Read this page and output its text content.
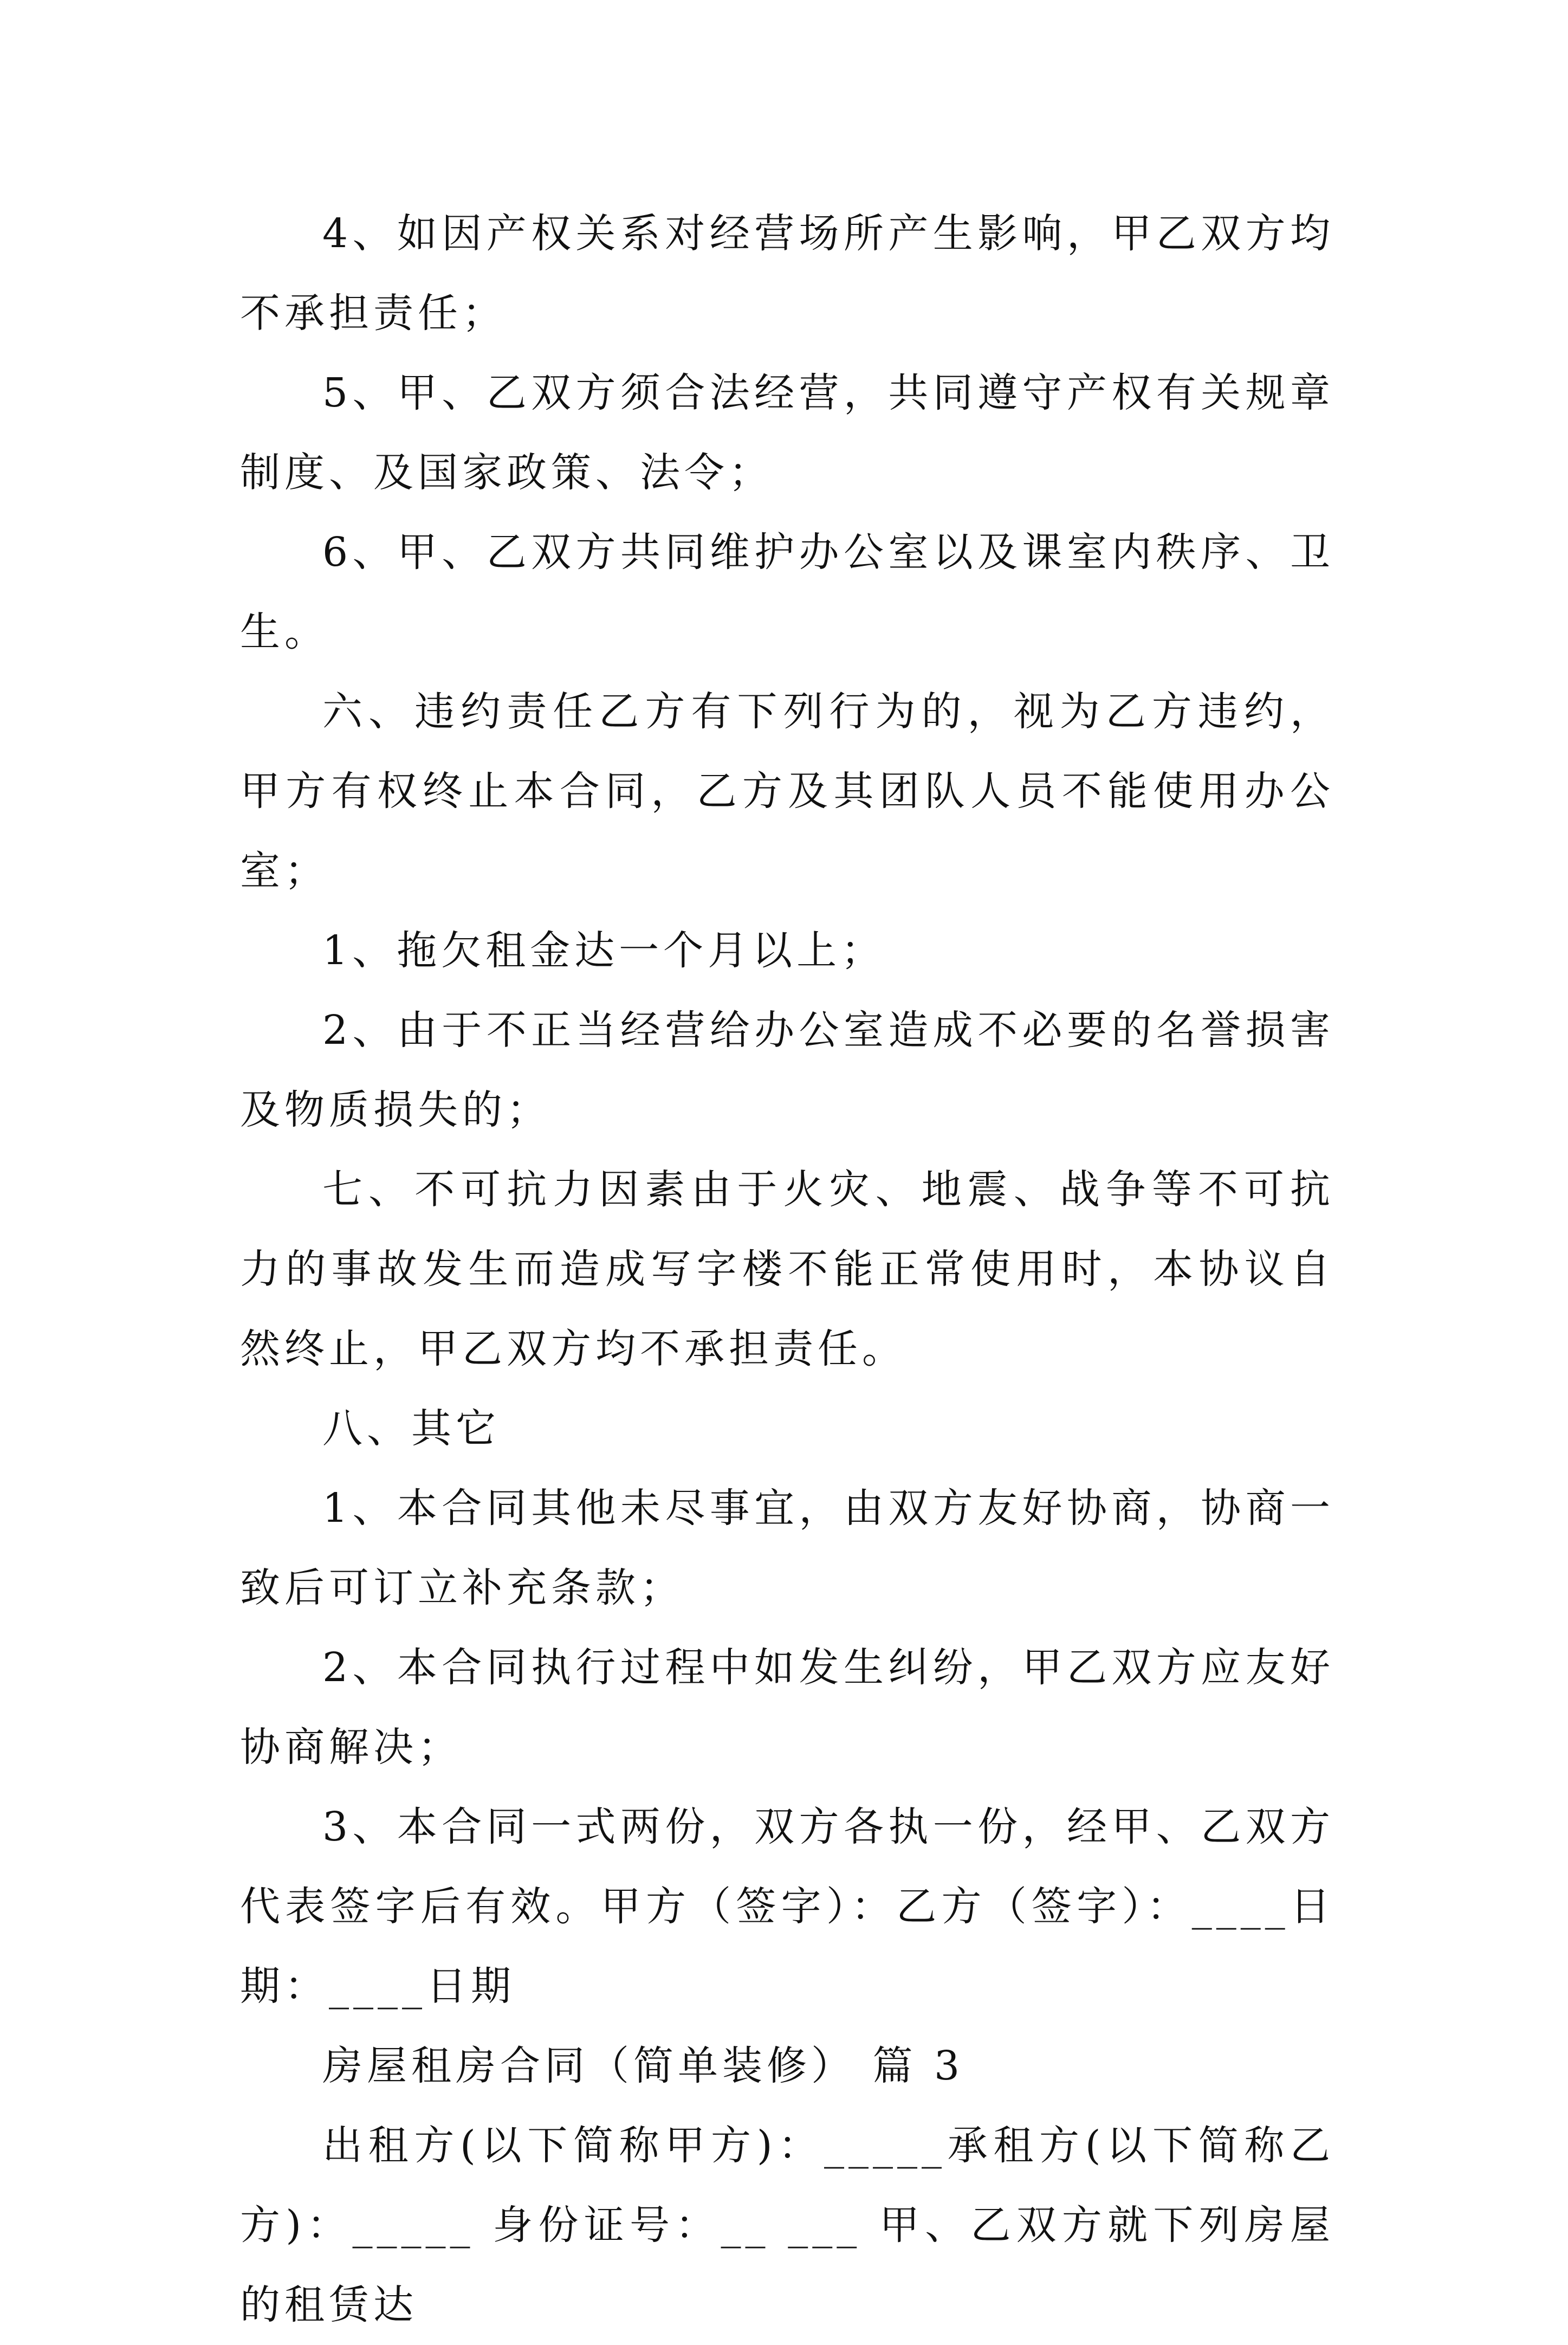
4、如因产权关系对经营场所产生影响，甲乙双方均不承担责任；

5、甲、乙双方须合法经营，共同遵守产权有关规章制度、及国家政策、法令；

6、甲、乙双方共同维护办公室以及课室内秩序、卫生。

六、违约责任乙方有下列行为的，视为乙方违约，甲方有权终止本合同，乙方及其团队人员不能使用办公室；

1、拖欠租金达一个月以上；

2、由于不正当经营给办公室造成不必要的名誉损害及物质损失的；

七、不可抗力因素由于火灾、地震、战争等不可抗力的事故发生而造成写字楼不能正常使用时，本协议自然终止，甲乙双方均不承担责任。

八、其它

1、本合同其他未尽事宜，由双方友好协商，协商一致后可订立补充条款；

2、本合同执行过程中如发生纠纷，甲乙双方应友好协商解决；

3、本合同一式两份，双方各执一份，经甲、乙双方代表签字后有效。甲方（签字）：乙方（签字）：____日期：____日期

房屋租房合同（简单装修） 篇 3

出租方(以下简称甲方)：_____承租方(以下简称乙方)：_____ 身份证号：__ ___ 甲、乙双方就下列房屋的租赁达
